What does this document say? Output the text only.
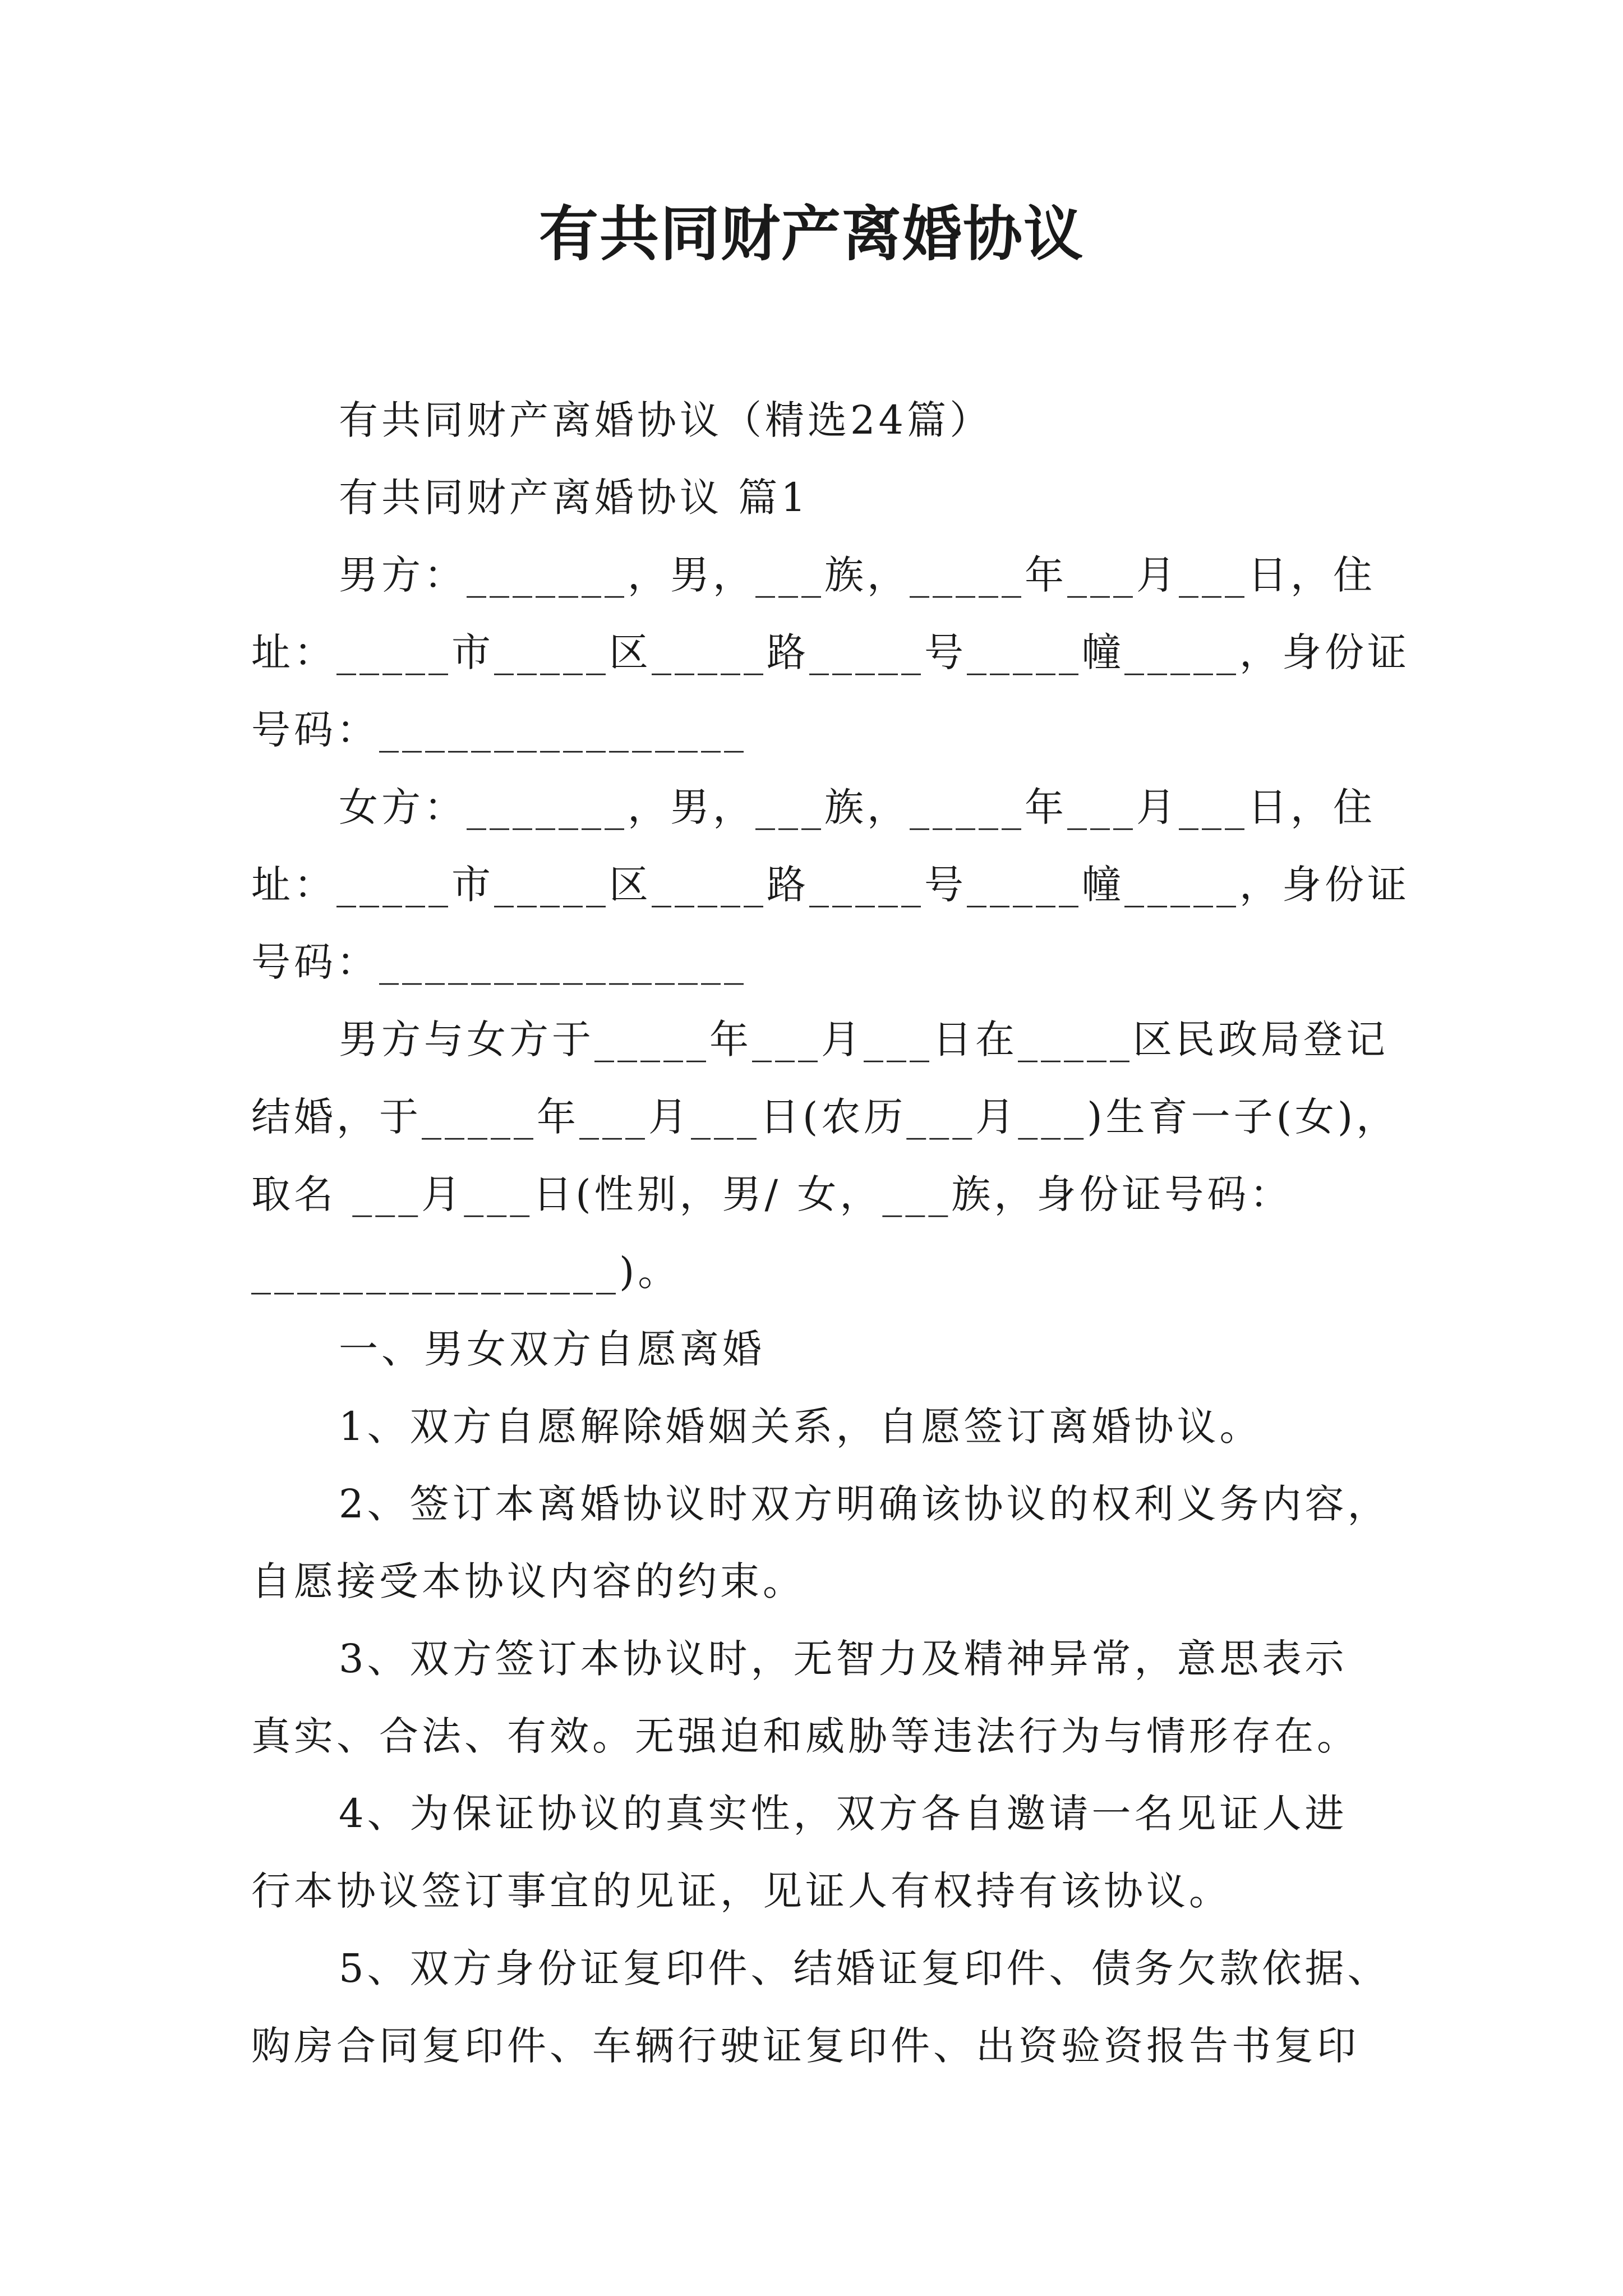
有共同财产离婚协议
有共同财产离婚协议（精选24篇）
有共同财产离婚协议 篇1
男方：_______，男，___族，_____年___月___日，住
址：_____市_____区_____路_____号_____幢_____，身份证
号码：________________
女方：_______，男，___族，_____年___月___日，住
址：_____市_____区_____路_____号_____幢_____，身份证
号码：________________
男方与女方于_____年___月___日在_____区民政局登记
结婚，于_____年___月___日(农历___月___)生育一子(女)，
取名 ___月___日(性别，男/ 女，___族，身份证号码：
________________)。
一、男女双方自愿离婚
1、双方自愿解除婚姻关系，自愿签订离婚协议。
2、签订本离婚协议时双方明确该协议的权利义务内容，
自愿接受本协议内容的约束。
3、双方签订本协议时，无智力及精神异常，意思表示
真实、合法、有效。无强迫和威胁等违法行为与情形存在。
4、为保证协议的真实性，双方各自邀请一名见证人进
行本协议签订事宜的见证，见证人有权持有该协议。
5、双方身份证复印件、结婚证复印件、债务欠款依据、
购房合同复印件、车辆行驶证复印件、出资验资报告书复印
